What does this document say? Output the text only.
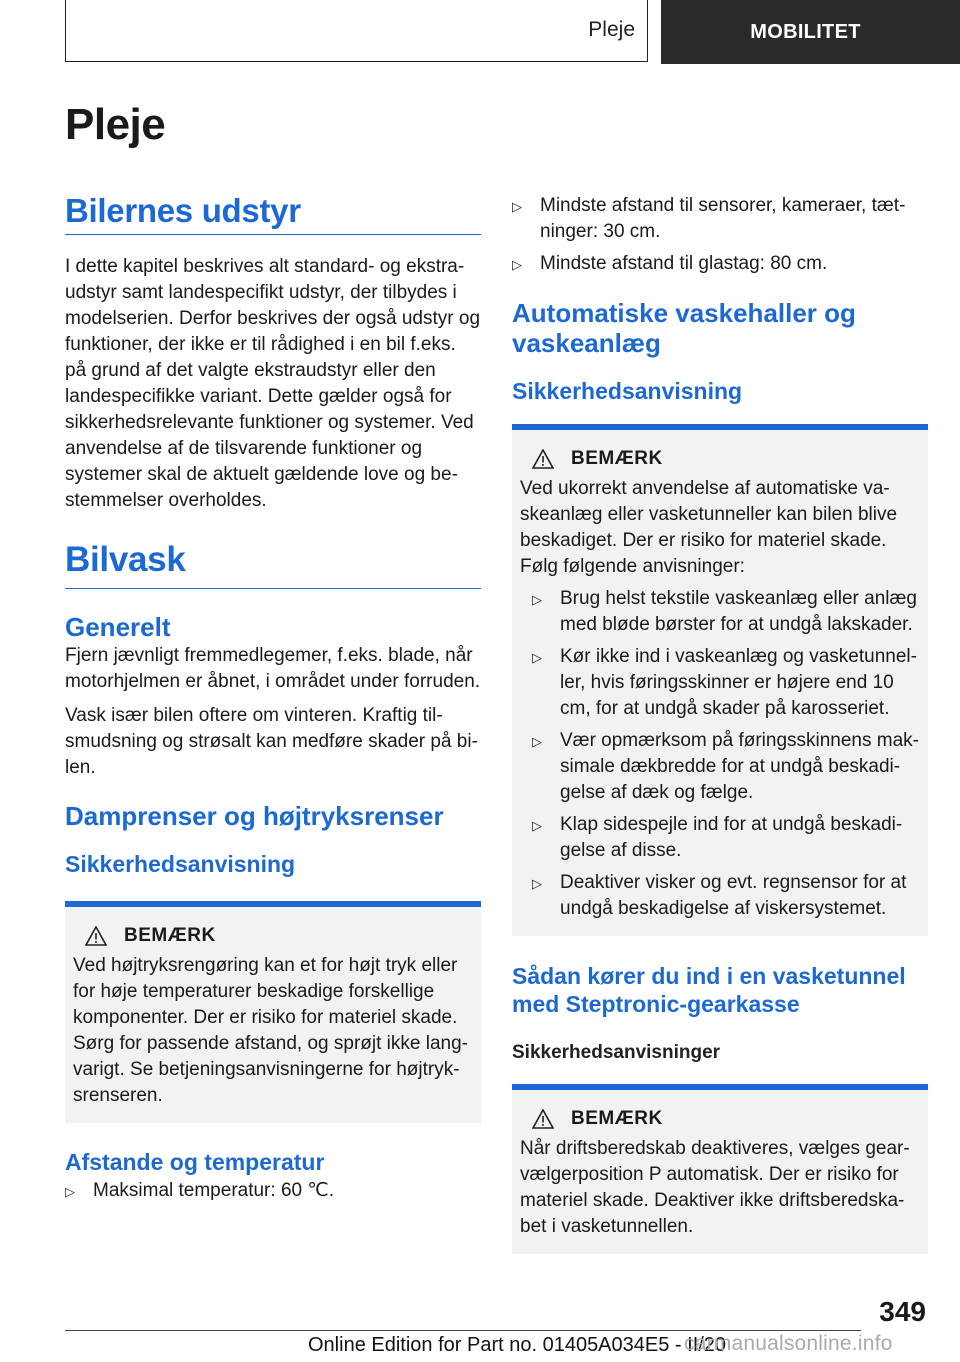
Pleje	MOBILITET
Pleje
Bilernes udstyr

I dette kapitel beskrives alt standard- og ekstraudstyr samt landespecifikt udstyr, der tilbydes i modelserien. Derfor beskrives der også udstyr og funktioner, der ikke er til rådighed i en bil f.eks. på grund af det valgte ekstraudstyr eller den landespecifikke variant. Dette gælder også for sikkerhedsrelevante funktioner og systemer. Ved anvendelse af de tilsvarende funktioner og systemer skal de aktuelt gældende love og bestemmelser overholdes.

Bilvask
Generelt

Fjern jævnligt fremmedlegemer, f.eks. blade, når motorhjelmen er åbnet, i området under forruden.

Vask især bilen oftere om vinteren. Kraftig tilsmudsning og strøsalt kan medføre skader på bilen.

Damprenser og højtryksrenser
Sikkerhedsanvisning
BEMÆRK

Ved højtryksrengøring kan et for højt tryk eller for høje temperaturer beskadige forskellige komponenter. Der er risiko for materiel skade. Sørg for passende afstand, og sprøjt ikke langvarigt. Se betjeningsanvisningerne for højtryksrenseren.

Afstande og temperatur
▷ Maksimal temperatur: 60 ℃.
▷ Mindste afstand til sensorer, kameraer, tætninger: 30 cm.
▷ Mindste afstand til glastag: 80 cm.
Automatiske vaskehaller og vaskeanlæg
Sikkerhedsanvisning
BEMÆRK

Ved ukorrekt anvendelse af automatiske vaskeanlæg eller vasketunneller kan bilen blive beskadiget. Der er risiko for materiel skade. Følg følgende anvisninger:

▷ Brug helst tekstile vaskeanlæg eller anlæg med bløde børster for at undgå lakskader.
▷ Kør ikke ind i vaskeanlæg og vasketunneller, hvis føringsskinner er højere end 10 cm, for at undgå skader på karosseriet.
▷ Vær opmærksom på føringsskinnens maksimale dækbredde for at undgå beskadigelse af dæk og fælge.
▷ Klap sidespejle ind for at undgå beskadigelse af disse.
▷ Deaktiver visker og evt. regnsensor for at undgå beskadigelse af viskersystemet.
Sådan kører du ind i en vasketunnel med Steptronic-gearkasse
Sikkerhedsanvisninger
BEMÆRK

Når driftsberedskab deaktiveres, vælges gearvælgerposition P automatisk. Der er risiko for materiel skade. Deaktiver ikke driftsberedskabet i vasketunnellen.

349
Online Edition for Part no. 01405A034E5 - II/20
carmanualsonline.info
